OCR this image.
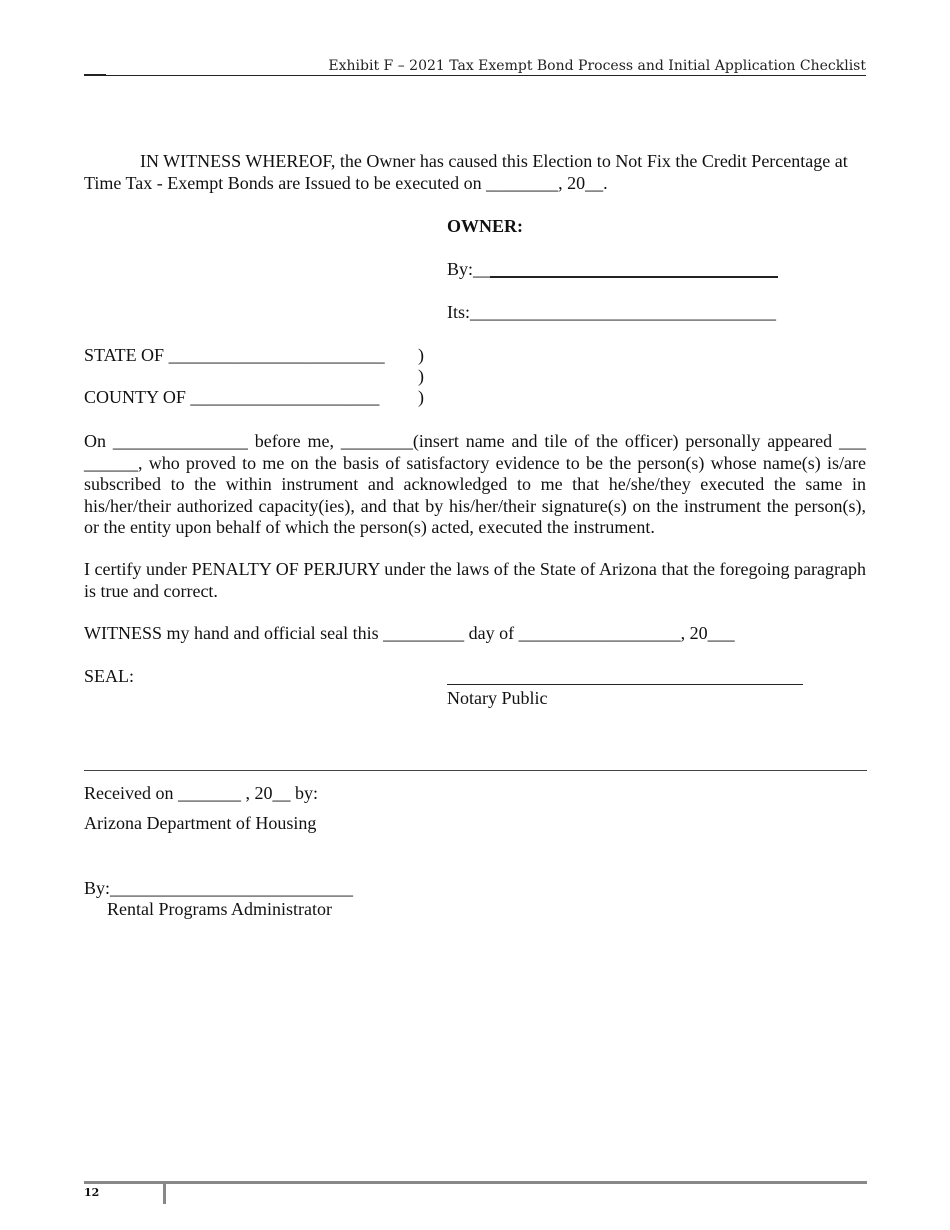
Exhibit F – 2021 Tax Exempt Bond Process and Initial Application Checklist
IN WITNESS WHEREOF, the Owner has caused this Election to Not Fix the Credit Percentage at Time Tax - Exempt Bonds are Issued to be executed on ________, 20__.
OWNER:
By:__
Its:__________________________________
STATE OF ________________________ )
)
COUNTY OF _____________________ )
On _______________ before me, ________(insert name and tile of the officer) personally appeared ___ ______, who proved to me on the basis of satisfactory evidence to be the person(s) whose name(s) is/are subscribed to the within instrument and acknowledged to me that he/she/they executed the same in his/her/their authorized capacity(ies), and that by his/her/their signature(s) on the instrument the person(s), or the entity upon behalf of which the person(s) acted, executed the instrument.
I certify under PENALTY OF PERJURY under the laws of the State of Arizona that the foregoing paragraph is true and correct.
WITNESS my hand and official seal this _________ day of __________________, 20___
SEAL:
Notary Public
Received on _______ , 20__ by:
Arizona Department of Housing
By:___________________________
Rental Programs Administrator
12
